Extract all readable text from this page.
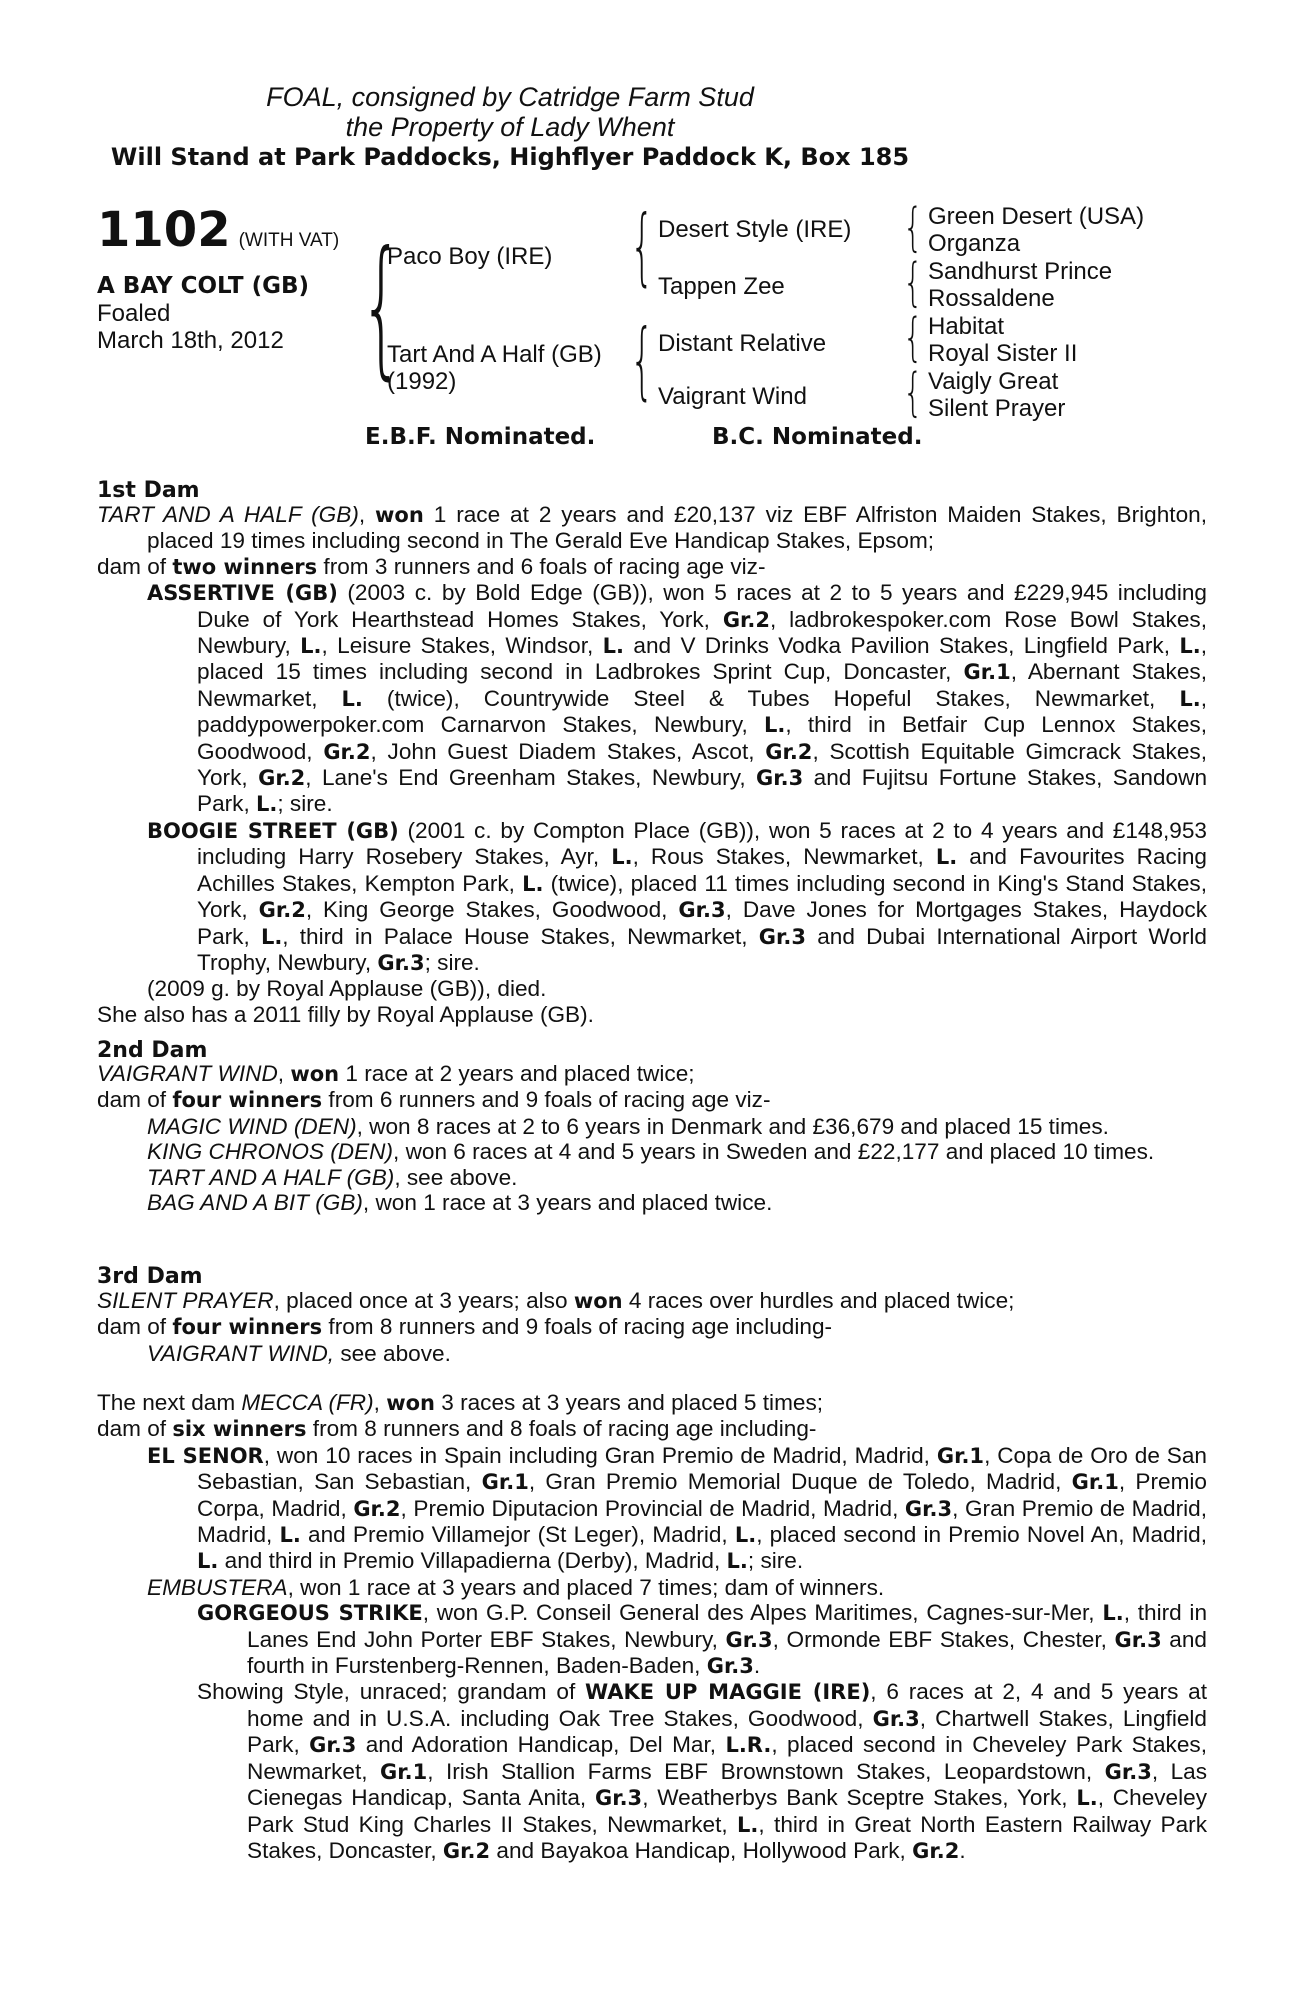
FOAL, consigned by Catridge Farm Stud
the Property of Lady Whent
Will Stand at Park Paddocks, Highflyer Paddock K, Box 185
1102 (WITH VAT)
A BAY COLT (GB)
Foaled
March 18th, 2012 {	{
{
{
{
{
{
Paco Boy (IRE)
Tart And A Half (GB)
(1992)
Desert Style (IRE)
Tappen Zee
Distant Relative
Vaigrant Wind
Green Desert (USA)
Organza
Sandhurst Prince
Rossaldene
Habitat
Royal Sister II
Vaigly Great
Silent Prayer
E.B.F. Nominated.	B.C. Nominated.
1st Dam

TART AND A HALF (GB), won 1 race at 2 years and £20,137 viz EBF Alfriston Maiden Stakes, Brighton, placed 19 times including second in The Gerald Eve Handicap Stakes, Epsom;

dam of two winners from 3 runners and 6 foals of racing age viz-

ASSERTIVE (GB) (2003 c. by Bold Edge (GB)), won 5 races at 2 to 5 years and £229,945 including Duke of York Hearthstead Homes Stakes, York, Gr.2, ladbrokespoker.com Rose Bowl Stakes, Newbury, L., Leisure Stakes, Windsor, L. and V Drinks Vodka Pavilion Stakes, Lingfield Park, L., placed 15 times including second in Ladbrokes Sprint Cup, Doncaster, Gr.1, Abernant Stakes, Newmarket, L. (twice), Countrywide Steel & Tubes Hopeful Stakes, Newmarket, L., paddypowerpoker.com Carnarvon Stakes, Newbury, L., third in Betfair Cup Lennox Stakes, Goodwood, Gr.2, John Guest Diadem Stakes, Ascot, Gr.2, Scottish Equitable Gimcrack Stakes, York, Gr.2, Lane's End Greenham Stakes, Newbury, Gr.3 and Fujitsu Fortune Stakes, Sandown Park, L.; sire.

BOOGIE STREET (GB) (2001 c. by Compton Place (GB)), won 5 races at 2 to 4 years and £148,953 including Harry Rosebery Stakes, Ayr, L., Rous Stakes, Newmarket, L. and Favourites Racing Achilles Stakes, Kempton Park, L. (twice), placed 11 times including second in King's Stand Stakes, York, Gr.2, King George Stakes, Goodwood, Gr.3, Dave Jones for Mortgages Stakes, Haydock Park, L., third in Palace House Stakes, Newmarket, Gr.3 and Dubai International Airport World Trophy, Newbury, Gr.3; sire.

(2009 g. by Royal Applause (GB)), died.

She also has a 2011 filly by Royal Applause (GB).

2nd Dam

VAIGRANT WIND, won 1 race at 2 years and placed twice;

dam of four winners from 6 runners and 9 foals of racing age viz-

MAGIC WIND (DEN), won 8 races at 2 to 6 years in Denmark and £36,679 and placed 15 times.

KING CHRONOS (DEN), won 6 races at 4 and 5 years in Sweden and £22,177 and placed 10 times.

TART AND A HALF (GB), see above.

BAG AND A BIT (GB), won 1 race at 3 years and placed twice.

3rd Dam

SILENT PRAYER, placed once at 3 years; also won 4 races over hurdles and placed twice;

dam of four winners from 8 runners and 9 foals of racing age including-

VAIGRANT WIND, see above.

The next dam MECCA (FR), won 3 races at 3 years and placed 5 times;

dam of six winners from 8 runners and 8 foals of racing age including-

EL SENOR, won 10 races in Spain including Gran Premio de Madrid, Madrid, Gr.1, Copa de Oro de San Sebastian, San Sebastian, Gr.1, Gran Premio Memorial Duque de Toledo, Madrid, Gr.1, Premio Corpa, Madrid, Gr.2, Premio Diputacion Provincial de Madrid, Madrid, Gr.3, Gran Premio de Madrid, Madrid, L. and Premio Villamejor (St Leger), Madrid, L., placed second in Premio Novel An, Madrid, L. and third in Premio Villapadierna (Derby), Madrid, L.; sire.

EMBUSTERA, won 1 race at 3 years and placed 7 times; dam of winners.

GORGEOUS STRIKE, won G.P. Conseil General des Alpes Maritimes, Cagnes-sur-Mer, L., third in Lanes End John Porter EBF Stakes, Newbury, Gr.3, Ormonde EBF Stakes, Chester, Gr.3 and fourth in Furstenberg-Rennen, Baden-Baden, Gr.3.

Showing Style, unraced; grandam of WAKE UP MAGGIE (IRE), 6 races at 2, 4 and 5 years at home and in U.S.A. including Oak Tree Stakes, Goodwood, Gr.3, Chartwell Stakes, Lingfield Park, Gr.3 and Adoration Handicap, Del Mar, L.R., placed second in Cheveley Park Stakes, Newmarket, Gr.1, Irish Stallion Farms EBF Brownstown Stakes, Leopardstown, Gr.3, Las Cienegas Handicap, Santa Anita, Gr.3, Weatherbys Bank Sceptre Stakes, York, L., Cheveley Park Stud King Charles II Stakes, Newmarket, L., third in Great North Eastern Railway Park Stakes, Doncaster, Gr.2 and Bayakoa Handicap, Hollywood Park, Gr.2.
